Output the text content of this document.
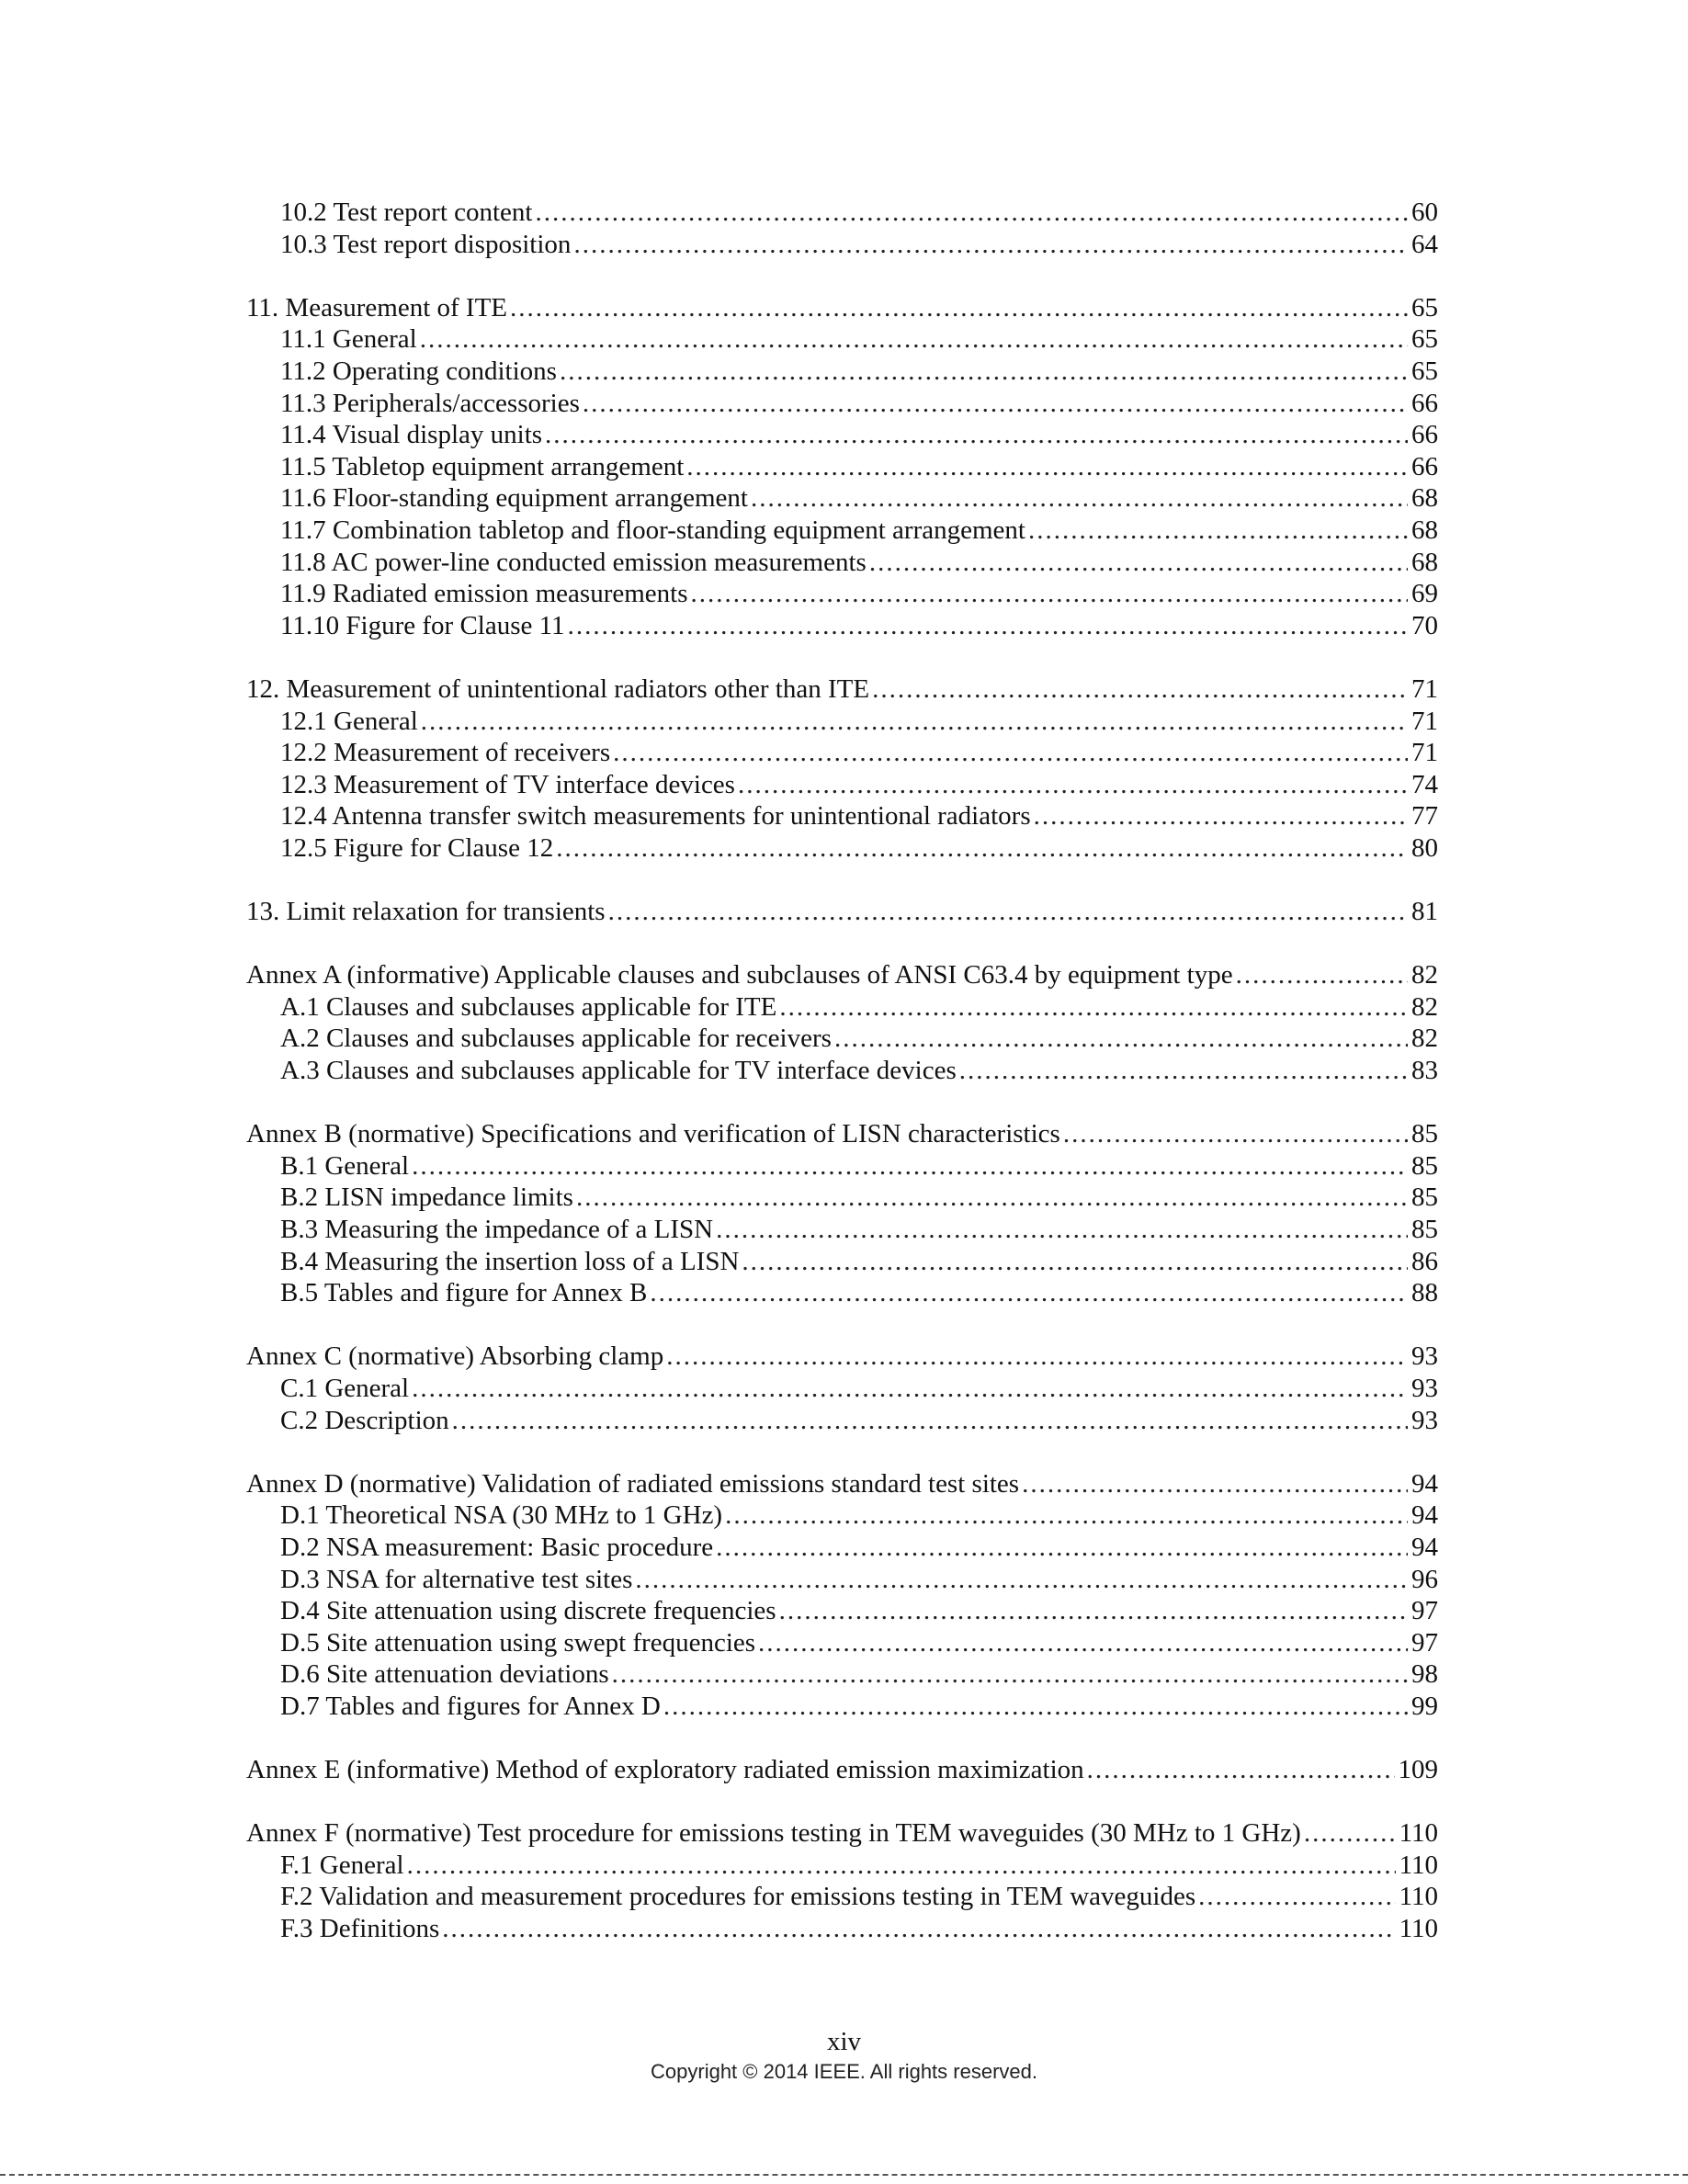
10.2 Test report content .....	60
10.3 Test report disposition .....	64
11. Measurement of ITE .....	65
11.1 General .....	65
11.2 Operating conditions .....	65
11.3 Peripherals/accessories .....	66
11.4 Visual display units .....	66
11.5 Tabletop equipment arrangement .....	66
11.6 Floor-standing equipment arrangement .....	68
11.7 Combination tabletop and floor-standing equipment arrangement .....	68
11.8 AC power-line conducted emission measurements .....	68
11.9 Radiated emission measurements .....	69
11.10 Figure for Clause 11 .....	70
12. Measurement of unintentional radiators other than ITE .....	71
12.1 General .....	71
12.2 Measurement of receivers .....	71
12.3 Measurement of TV interface devices .....	74
12.4 Antenna transfer switch measurements for unintentional radiators .....	77
12.5 Figure for Clause 12 .....	80
13. Limit relaxation for transients .....	81
Annex A (informative) Applicable clauses and subclauses of ANSI C63.4 by equipment type .....	82
A.1 Clauses and subclauses applicable for ITE .....	82
A.2 Clauses and subclauses applicable for receivers .....	82
A.3 Clauses and subclauses applicable for TV interface devices .....	83
Annex B (normative) Specifications and verification of LISN characteristics .....	85
B.1 General .....	85
B.2 LISN impedance limits .....	85
B.3 Measuring the impedance of a LISN .....	85
B.4 Measuring the insertion loss of a LISN .....	86
B.5 Tables and figure for Annex B .....	88
Annex C (normative) Absorbing clamp .....	93
C.1 General .....	93
C.2 Description .....	93
Annex D (normative) Validation of radiated emissions standard test sites .....	94
D.1 Theoretical NSA (30 MHz to 1 GHz) .....	94
D.2 NSA measurement: Basic procedure .....	94
D.3 NSA for alternative test sites .....	96
D.4 Site attenuation using discrete frequencies .....	97
D.5 Site attenuation using swept frequencies .....	97
D.6 Site attenuation deviations .....	98
D.7 Tables and figures for Annex D .....	99
Annex E (informative) Method of exploratory radiated emission maximization .....	109
Annex F (normative) Test procedure for emissions testing in TEM waveguides (30 MHz to 1 GHz) .....	110
F.1 General .....	110
F.2 Validation and measurement procedures for emissions testing in TEM waveguides .....	110
F.3 Definitions .....	110
xiv
Copyright © 2014 IEEE. All rights reserved.
